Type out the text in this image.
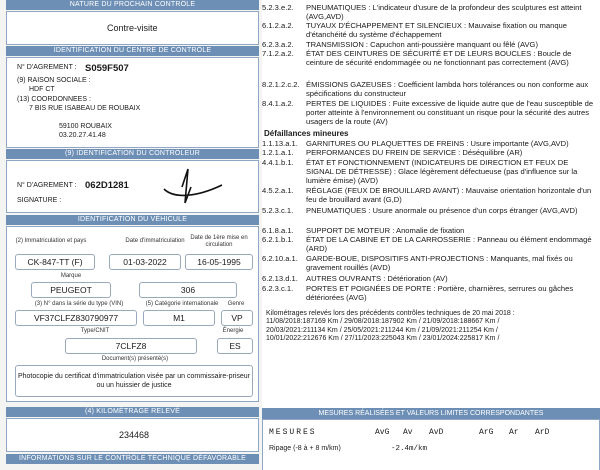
NATURE DU PROCHAIN CONTRÔLE
Contre-visite
IDENTIFICATION DU CENTRE DE CONTRÔLE
N° D'AGREMENT : S059F507
(9) RAISON SOCIALE :
HDF CT
(13) COORDONNEES :
7 BIS RUE ISABEAU DE ROUBAIX
59100 ROUBAIX
03.20.27.41.48
(9) IDENTIFICATION DU CONTRÔLEUR
N° D'AGREMENT : 062D1281
SIGNATURE :
IDENTIFICATION DU VÉHICULE
(2) Immatriculation et pays	Date d'immatriculation Date de 1ère mise en circulation
CK-847-TT (F)	01-03-2022	16-05-1995
Marque
PEUGEOT	306
(3) N° dans la série du type (VIN)	(5) Catégorie internationale	Genre
VF37CLFZ830790977	M1	VP
Type/CNIT	Énergie
7CLFZ8	ES
Document(s) présenté(s)
Photocopie du certificat d'immatriculation visée par un commissaire-priseur ou un huissier de justice
(4) KILOMÉTRAGE RELEVÉ
234468
INFORMATIONS SUR LE CONTRÔLE TECHNIQUE DÉFAVORABLE
5.2.3.e.2.	PNEUMATIQUES : L'indicateur d'usure de la profondeur des sculptures est atteint (AVG,AVD)
6.1.2.a.2.	TUYAUX D'ÉCHAPPEMENT ET SILENCIEUX : Mauvaise fixation ou manque d'étanchéité du système d'échappement
6.2.3.a.2.	TRANSMISSION : Capuchon anti-poussière manquant ou fêlé (AVG)
7.1.2.a.2.	ÉTAT DES CEINTURES DE SÉCURITÉ ET DE LEURS BOUCLES : Boucle de ceinture de sécurité endommagée ou ne fonctionnant pas correctement (AVG)
8.2.1.2.c.2. ÉMISSIONS GAZEUSES : Coefficient lambda hors tolérances ou non conforme aux spécifications du constructeur
8.4.1.a.2.	PERTES DE LIQUIDES : Fuite excessive de liquide autre que de l'eau susceptible de porter atteinte à l'environnement ou constituant un risque pour la sécurité des autres usagers de la route (AV)
Défaillances mineures
1.1.13.a.1.	GARNITURES OU PLAQUETTES DE FREINS : Usure importante (AVG,AVD)
1.2.1.a.1.	PERFORMANCES DU FREIN DE SERVICE : Déséquilibre (AR)
4.4.1.b.1.	ÉTAT ET FONCTIONNEMENT (INDICATEURS DE DIRECTION ET FEUX DE SIGNAL DE DÉTRESSE) : Glace légèrement défectueuse (pas d'influence sur la lumière émise) (AVD)
4.5.2.a.1.	RÉGLAGE (FEUX DE BROUILLARD AVANT) : Mauvaise orientation horizontale d'un feu de brouillard avant (G,D)
5.2.3.c.1.	PNEUMATIQUES : Usure anormale ou présence d'un corps étranger (AVG,AVD)
6.1.8.a.1.	SUPPORT DE MOTEUR : Anomalie de fixation
6.2.1.b.1.	ÉTAT DE LA CABINE ET DE LA CARROSSERIE : Panneau ou élément endommagé (ARD)
6.2.10.a.1.	GARDE-BOUE, DISPOSITIFS ANTI-PROJECTIONS : Manquants, mal fixés ou gravement rouillés (AVD)
6.2.13.d.1.	AUTRES OUVRANTS : Détérioration (AV)
6.2.3.c.1.	PORTES ET POIGNÉES DE PORTE : Portière, charnières, serrures ou gâches détériorées (AVG)
Kilométrages relevés lors des précédents contrôles techniques de 20 mai 2018 :
11/08/2018:187169 Km / 29/08/2018:187902 Km / 21/09/2018:188667 Km /
20/03/2021:211134 Km / 25/05/2021:211244 Km / 21/09/2021:211254 Km /
10/01/2022:212676 Km / 27/11/2023:225043 Km / 23/01/2024:225817 Km /
MESURES RÉALISÉES ET VALEURS LIMITES CORRESPONDANTES
MESURES	AvG Av AvD	ArG Ar ArD
Ripage (-8 à + 8 m/km)	-2.4m/km
